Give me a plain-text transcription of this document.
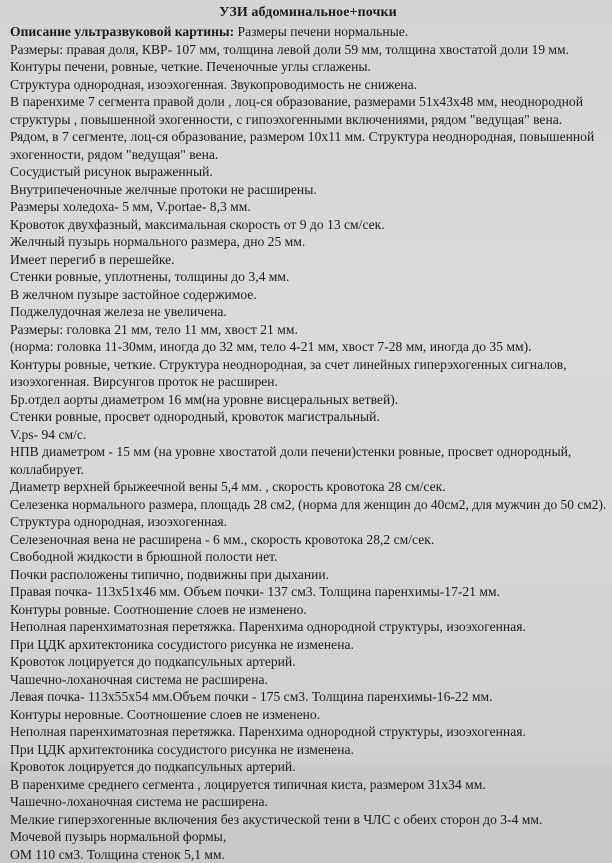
УЗИ абдоминальное+почки
Описание ультразвуковой картины: Размеры печени нормальные.
Размеры: правая доля, КВР- 107 мм, толщина левой доли 59 мм, толщина хвостатой доли 19 мм.
Контуры печени, ровные, четкие. Печеночные углы сглажены.
Структура однородная, изоэхогенная. Звукопроводимость не снижена.
В паренхиме 7 сегмента правой доли , лоц-ся образование, размерами 51х43х48 мм, неоднородной
структуры , повышенной эхогенности, с гипоэхогенными включениями, рядом "ведущая" вена.
Рядом, в 7 сегменте, лоц-ся образование, размером 10х11 мм. Структура неоднородная, повышенной
эхогенности, рядом "ведущая" вена.
Сосудистый рисунок выраженный.
Внутрипеченочные желчные протоки не расширены.
Размеры холедоха- 5 мм, V.portae- 8,3 мм.
Кровоток двухфазный, максимальная скорость от 9 до 13 см/сек.
Желчный пузырь нормального размера, дно 25 мм.
Имеет перегиб в перешейке.
Стенки ровные, уплотнены, толщины до 3,4 мм.
В желчном пузыре застойное содержимое.
Поджелудочная железа не увеличена.
Размеры: головка 21 мм, тело 11 мм, хвост 21 мм.
(норма: головка 11-30мм, иногда до 32 мм, тело 4-21 мм, хвост 7-28 мм, иногда до 35 мм).
Контуры ровные, четкие. Структура неоднородная, за счет линейных гиперэхогенных сигналов,
изоэхогенная. Вирсунгов проток не расширен.
Бр.отдел аорты диаметром 16 мм(на уровне висцеральных ветвей).
Стенки ровные, просвет однородный, кровоток магистральный.
V.ps- 94 см/с.
НПВ диаметром - 15 мм (на уровне хвостатой доли печени)стенки ровные, просвет однородный,
коллабирует.
Диаметр верхней брыжеечной вены 5,4 мм. , скорость кровотока 28 см/сек.
Селезенка нормального размера, площадь 28 см2, (норма для женщин до 40см2, для мужчин до 50 см2).
Структура однородная, изоэхогенная.
Селезеночная вена не расширена - 6 мм., скорость кровотока 28,2 см/сек.
Свободной жидкости в брюшной полости нет.
Почки расположены типично, подвижны при дыхании.
Правая почка- 113х51х46 мм. Объем почки- 137 см3. Толщина паренхимы-17-21 мм.
Контуры ровные. Соотношение слоев не изменено.
Неполная паренхиматозная перетяжка. Паренхима однородной структуры, изоэхогенная.
При ЦДК архитектоника сосудистого рисунка не изменена.
Кровоток лоцируется до подкапсульных артерий.
Чашечно-лоханочная система не расширена.
Левая почка- 113х55х54 мм.Объем почки - 175 см3. Толщина паренхимы-16-22 мм.
Контуры неровные. Соотношение слоев не изменено.
Неполная паренхиматозная перетяжка. Паренхима однородной структуры, изоэхогенная.
При ЦДК архитектоника сосудистого рисунка не изменена.
Кровоток лоцируется до подкапсульных артерий.
В паренхиме среднего сегмента , лоцируется типичная киста, размером 31х34 мм.
Чашечно-лоханочная система не расширена.
Мелкие гиперэхогенные включения без акустической тени в ЧЛС с обеих сторон до 3-4 мм.
Мочевой пузырь нормальной формы,
ОМ 110 см3. Толщина стенок 5,1 мм.
